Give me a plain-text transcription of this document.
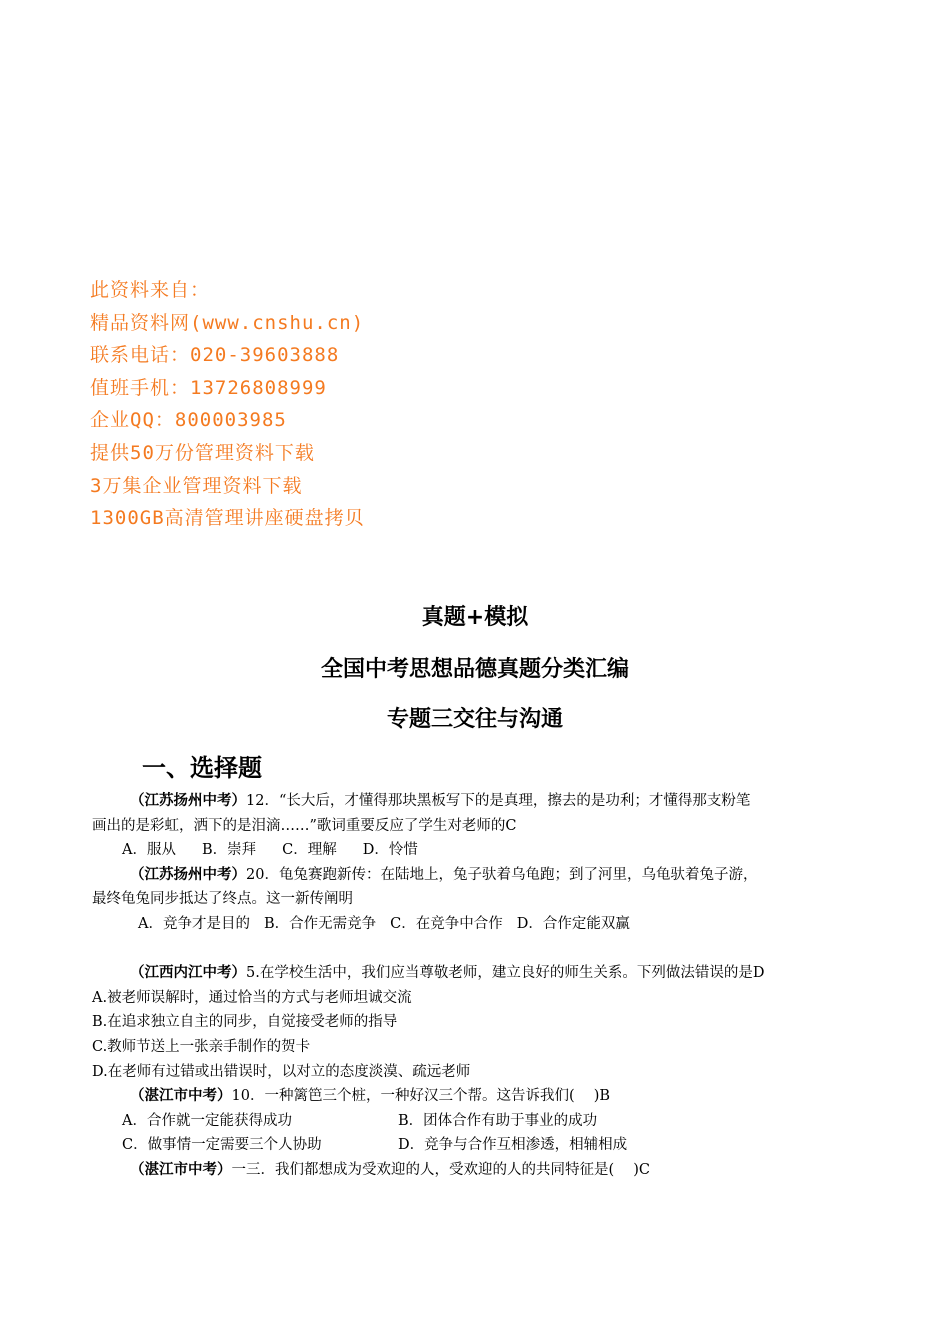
此资料来自：
精品资料网(www.cnshu.cn)
联系电话：020-39603888
值班手机：13726808999
企业QQ：800003985
提供50万份管理资料下载
3万集企业管理资料下载
1300GB高清管理讲座硬盘拷贝
真题+模拟
全国中考思想品德真题分类汇编
专题三交往与沟通
一、选择题
（江苏扬州中考）12．“长大后，才懂得那块黑板写下的是真理，擦去的是功利；才懂得那支粉笔
画出的是彩虹，洒下的是泪滴……”歌词重要反应了学生对老师的C
A．服从 B．崇拜 C．理解 D．怜惜
（江苏扬州中考）20．龟兔赛跑新传：在陆地上，兔子驮着乌龟跑；到了河里，乌龟驮着兔子游，
最终龟兔同步抵达了终点。这一新传阐明
A．竞争才是目的 B．合作无需竞争 C．在竞争中合作 D．合作定能双赢
（江西内江中考）5.在学校生活中，我们应当尊敬老师，建立良好的师生关系。下列做法错误的是D
A.被老师误解时，通过恰当的方式与老师坦诚交流
B.在追求独立自主的同步，自觉接受老师的指导
C.教师节送上一张亲手制作的贺卡
D.在老师有过错或出错误时，以对立的态度淡漠、疏远老师
（湛江市中考）10．一种篱笆三个桩，一种好汉三个帮。这告诉我们(　 )B
A．合作就一定能获得成功	B．团体合作有助于事业的成功
C．做事情一定需要三个人协助	D．竞争与合作互相渗透，相辅相成
（湛江市中考）一三．我们都想成为受欢迎的人，受欢迎的人的共同特征是(　 )C
